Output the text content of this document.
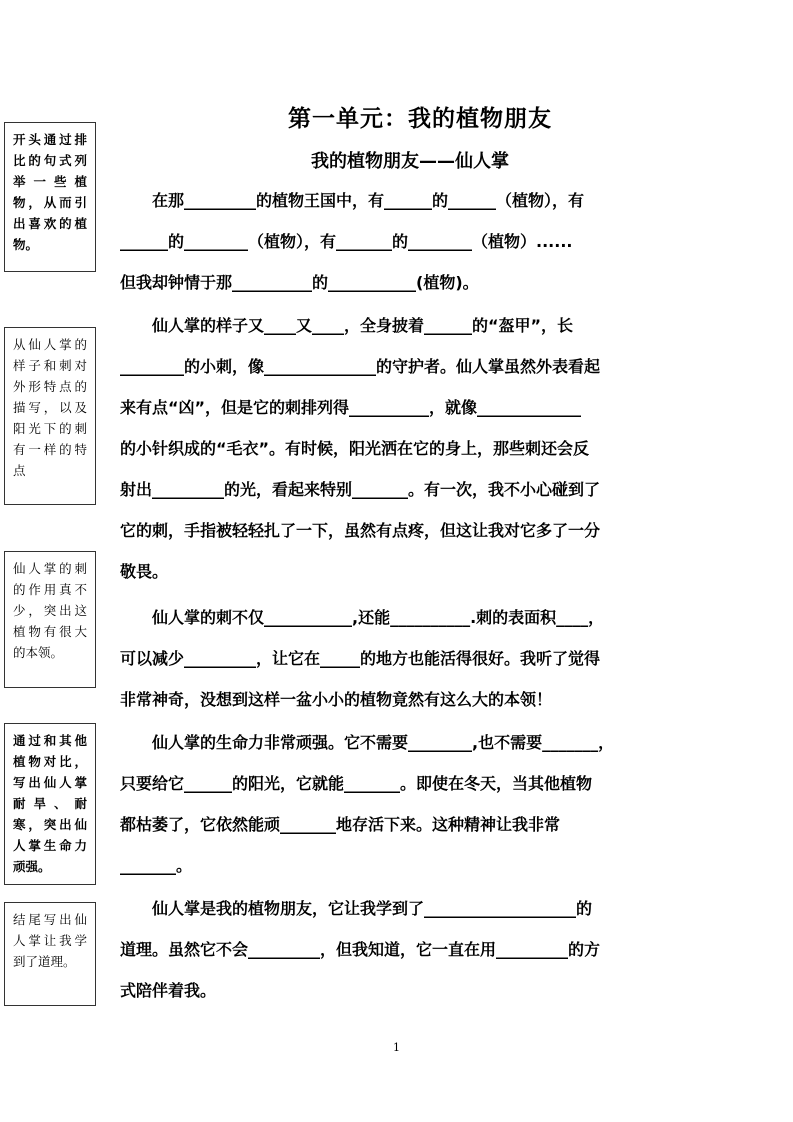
第一单元：我的植物朋友
我的植物朋友——仙人掌
开头通过排比的句式列举一些植物，从而引出喜欢的植物。
从仙人掌的样子和刺对外形特点的描写，以及阳光下的刺有一样的特点
仙人掌的刺的作用真不少，突出这植物有很大的本领。
通过和其他植物对比，写出仙人掌耐旱、耐寒，突出仙人掌生命力顽强。
结尾写出仙人掌让我学到了道理。
　　在那_________的植物王国中，有______的______（植物），有
______的________（植物），有_______的________（植物）......
但我却钟情于那__________的___________(植物)。
　　仙人掌的样子又____又____，全身披着______的“盔甲”，长
________的小刺，像______________的守护者。仙人掌虽然外表看起
来有点“凶”，但是它的刺排列得__________，就像_____________
的小针织成的“毛衣”。有时候，阳光洒在它的身上，那些刺还会反
射出_________的光，看起来特别_______。有一次，我不小心碰到了
它的刺，手指被轻轻扎了一下，虽然有点疼，但这让我对它多了一分
敬畏。
　　仙人掌的刺不仅___________,还能__________.刺的表面积____，
可以减少_________，让它在_____的地方也能活得很好。我听了觉得
非常神奇，没想到这样一盆小小的植物竟然有这么大的本领！
　　仙人掌的生命力非常顽强。它不需要________,也不需要_______，
只要给它______的阳光，它就能_______。即使在冬天，当其他植物
都枯萎了，它依然能顽_______地存活下来。这种精神让我非常
_______。
　　仙人掌是我的植物朋友，它让我学到了___________________的
道理。虽然它不会_________，但我知道，它一直在用_________的方
式陪伴着我。
1
